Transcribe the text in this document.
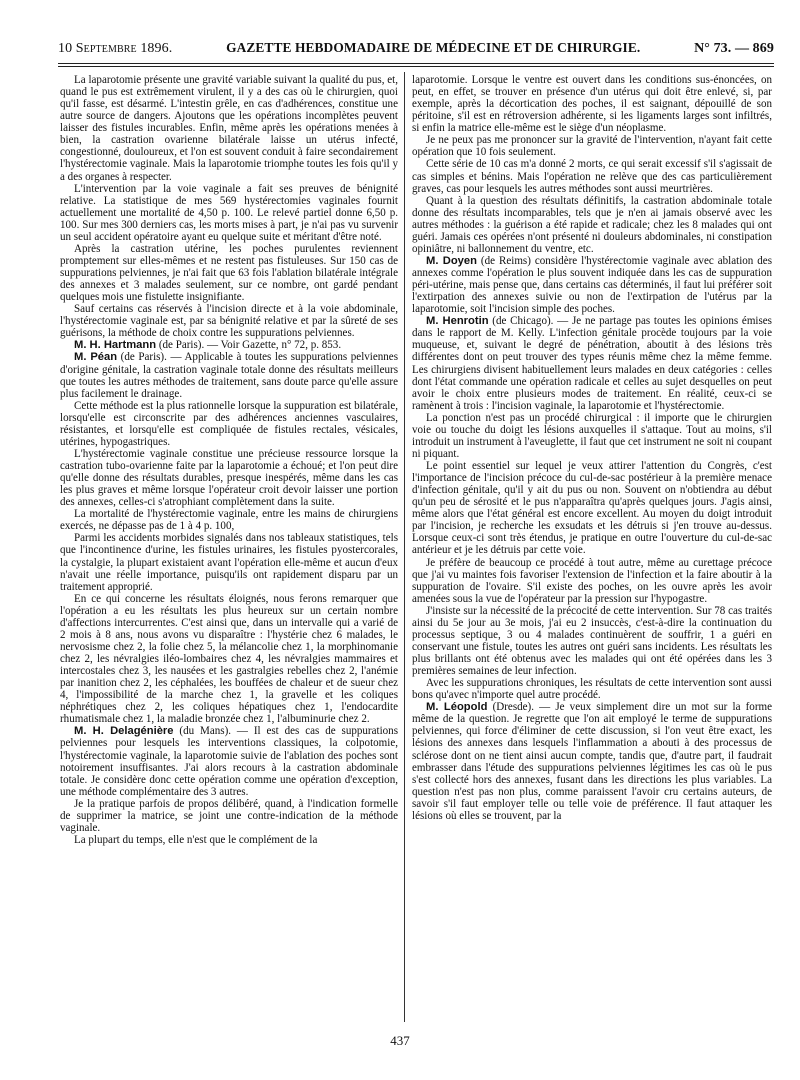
10 Septembre 1896.	GAZETTE HEBDOMADAIRE DE MÉDECINE ET DE CHIRURGIE.	N° 73. — 869

La laparotomie présente une gravité variable suivant la qualité du pus, et, quand le pus est extrêmement virulent, il y a des cas où le chirurgien, quoi qu'il fasse, est désarmé. L'intestin grêle, en cas d'adhérences, constitue une autre source de dangers. Ajoutons que les opérations incomplètes peuvent laisser des fistules incurables. Enfin, même après les opérations menées à bien, la castration ovarienne bilatérale laisse un utérus infecté, congestionné, douloureux, et l'on est souvent conduit à faire secondairement l'hystérectomie vaginale. Mais la laparotomie triomphe toutes les fois qu'il y a des organes à respecter.

L'intervention par la voie vaginale a fait ses preuves de bénignité relative. La statistique de mes 569 hystérectomies vaginales fournit actuellement une mortalité de 4,50 p. 100. Le relevé partiel donne 6,50 p. 100. Sur mes 300 derniers cas, les morts mises à part, je n'ai pas vu survenir un seul accident opératoire ayant eu quelque suite et méritant d'être noté.

Après la castration utérine, les poches purulentes reviennent promptement sur elles-mêmes et ne restent pas fistuleuses. Sur 150 cas de suppurations pelviennes, je n'ai fait que 63 fois l'ablation bilatérale intégrale des annexes et 3 malades seulement, sur ce nombre, ont gardé pendant quelques mois une fistulette insignifiante.

Sauf certains cas réservés à l'incision directe et à la voie abdominale, l'hystérectomie vaginale est, par sa bénignité relative et par la sûreté de ses guérisons, la méthode de choix contre les suppurations pelviennes.

M. H. Hartmann (de Paris). — Voir Gazette, n° 72, p. 853.

M. Péan (de Paris). — Applicable à toutes les suppurations pelviennes d'origine génitale, la castration vaginale totale donne des résultats meilleurs que toutes les autres méthodes de traitement, sans doute parce qu'elle assure plus facilement le drainage.

Cette méthode est la plus rationnelle lorsque la suppuration est bilatérale, lorsqu'elle est circonscrite par des adhérences anciennes vasculaires, résistantes, et lorsqu'elle est compliquée de fistules rectales, vésicales, utérines, hypogastriques.

L'hystérectomie vaginale constitue une précieuse ressource lorsque la castration tubo-ovarienne faite par la laparotomie a échoué; et l'on peut dire qu'elle donne des résultats durables, presque inespérés, même dans les cas les plus graves et même lorsque l'opérateur croit devoir laisser une portion des annexes, celles-ci s'atrophiant complètement dans la suite.

La mortalité de l'hystérectomie vaginale, entre les mains de chirurgiens exercés, ne dépasse pas de 1 à 4 p. 100,

Parmi les accidents morbides signalés dans nos tableaux statistiques, tels que l'incontinence d'urine, les fistules urinaires, les fistules pyostercorales, la cystalgie, la plupart existaient avant l'opération elle-même et aucun d'eux n'avait une réelle importance, puisqu'ils ont rapidement disparu par un traitement approprié.

En ce qui concerne les résultats éloignés, nous ferons remarquer que l'opération a eu les résultats les plus heureux sur un certain nombre d'affections intercurrentes. C'est ainsi que, dans un intervalle qui a varié de 2 mois à 8 ans, nous avons vu disparaître : l'hystérie chez 6 malades, le nervosisme chez 2, la folie chez 5, la mélancolie chez 1, la morphinomanie chez 2, les névralgies iléo-lombaires chez 4, les névralgies mammaires et intercostales chez 3, les nausées et les gastralgies rebelles chez 2, l'anémie par inanition chez 2, les céphalées, les bouffées de chaleur et de sueur chez 4, l'impossibilité de la marche chez 1, la gravelle et les coliques néphrétiques chez 2, les coliques hépatiques chez 1, l'endocardite rhumatismale chez 1, la maladie bronzée chez 1, l'albuminurie chez 2.

M. H. Delagénière (du Mans). — Il est des cas de suppurations pelviennes pour lesquels les interventions classiques, la colpotomie, l'hystérectomie vaginale, la laparotomie suivie de l'ablation des poches sont notoirement insuffisantes. J'ai alors recours à la castration abdominale totale. Je considère donc cette opération comme une opération d'exception, une méthode complémentaire des 3 autres.

Je la pratique parfois de propos délibéré, quand, à l'indication formelle de supprimer la matrice, se joint une contre-indication de la méthode vaginale.

La plupart du temps, elle n'est que le complément de la

laparotomie. Lorsque le ventre est ouvert dans les conditions sus-énoncées, on peut, en effet, se trouver en présence d'un utérus qui doit être enlevé, si, par exemple, après la décortication des poches, il est saignant, dépouillé de son péritoine, s'il est en rétroversion adhérente, si les ligaments larges sont infiltrés, si enfin la matrice elle-même est le siège d'un néoplasme.

Je ne peux pas me prononcer sur la gravité de l'intervention, n'ayant fait cette opération que 10 fois seulement.

Cette série de 10 cas m'a donné 2 morts, ce qui serait excessif s'il s'agissait de cas simples et bénins. Mais l'opération ne relève que des cas particulièrement graves, cas pour lesquels les autres méthodes sont aussi meurtrières.

Quant à la question des résultats définitifs, la castration abdominale totale donne des résultats incomparables, tels que je n'en ai jamais observé avec les autres méthodes : la guérison a été rapide et radicale; chez les 8 malades qui ont guéri. Jamais ces opérées n'ont présenté ni douleurs abdominales, ni constipation opiniâtre, ni ballonnement du ventre, etc.

M. Doyen (de Reims) considère l'hystérectomie vaginale avec ablation des annexes comme l'opération le plus souvent indiquée dans les cas de suppuration péri-utérine, mais pense que, dans certains cas déterminés, il faut lui préférer soit l'extirpation des annexes suivie ou non de l'extirpation de l'utérus par la laparotomie, soit l'incision simple des poches.

M. Henrotin (de Chicago). — Je ne partage pas toutes les opinions émises dans le rapport de M. Kelly. L'infection génitale procède toujours par la voie muqueuse, et, suivant le degré de pénétration, aboutit à des lésions très différentes dont on peut trouver des types réunis même chez la même femme. Les chirurgiens divisent habituellement leurs malades en deux catégories : celles dont l'état commande une opération radicale et celles au sujet desquelles on peut avoir le choix entre plusieurs modes de traitement. En réalité, ceux-ci se ramènent à trois : l'incision vaginale, la laparotomie et l'hystérectomie.

La ponction n'est pas un procédé chirurgical : il importe que le chirurgien voie ou touche du doigt les lésions auxquelles il s'attaque. Tout au moins, s'il introduit un instrument à l'aveuglette, il faut que cet instrument ne soit ni coupant ni piquant.

Le point essentiel sur lequel je veux attirer l'attention du Congrès, c'est l'importance de l'incision précoce du cul-de-sac postérieur à la première menace d'infection génitale, qu'il y ait du pus ou non. Souvent on n'obtiendra au début qu'un peu de sérosité et le pus n'apparaîtra qu'après quelques jours. J'agis ainsi, même alors que l'état général est encore excellent. Au moyen du doigt introduit par l'incision, je recherche les exsudats et les détruis si j'en trouve au-dessus. Lorsque ceux-ci sont très étendus, je pratique en outre l'ouverture du cul-de-sac antérieur et je les détruis par cette voie.

Je préfère de beaucoup ce procédé à tout autre, même au curettage précoce que j'ai vu maintes fois favoriser l'extension de l'infection et la faire aboutir à la suppuration de l'ovaire. S'il existe des poches, on les ouvre après les avoir amenées sous la vue de l'opérateur par la pression sur l'hypogastre.

J'insiste sur la nécessité de la précocité de cette intervention. Sur 78 cas traités ainsi du 5e jour au 3e mois, j'ai eu 2 insuccès, c'est-à-dire la continuation du processus septique, 3 ou 4 malades continuèrent de souffrir, 1 a guéri en conservant une fistule, toutes les autres ont guéri sans incidents. Les résultats les plus brillants ont été obtenus avec les malades qui ont été opérées dans les 3 premières semaines de leur infection.

Avec les suppurations chroniques, les résultats de cette intervention sont aussi bons qu'avec n'importe quel autre procédé.

M. Léopold (Dresde). — Je veux simplement dire un mot sur la forme même de la question. Je regrette que l'on ait employé le terme de suppurations pelviennes, qui force d'éliminer de cette discussion, si l'on veut être exact, les lésions des annexes dans lesquels l'inflammation a abouti à des processus de sclérose dont on ne tient ainsi aucun compte, tandis que, d'autre part, il faudrait embrasser dans l'étude des suppurations pelviennes légitimes les cas où le pus s'est collecté hors des annexes, fusant dans les directions les plus variables. La question n'est pas non plus, comme paraissent l'avoir cru certains auteurs, de savoir s'il faut employer telle ou telle voie de préférence. Il faut attaquer les lésions où elles se trouvent, par la

437
